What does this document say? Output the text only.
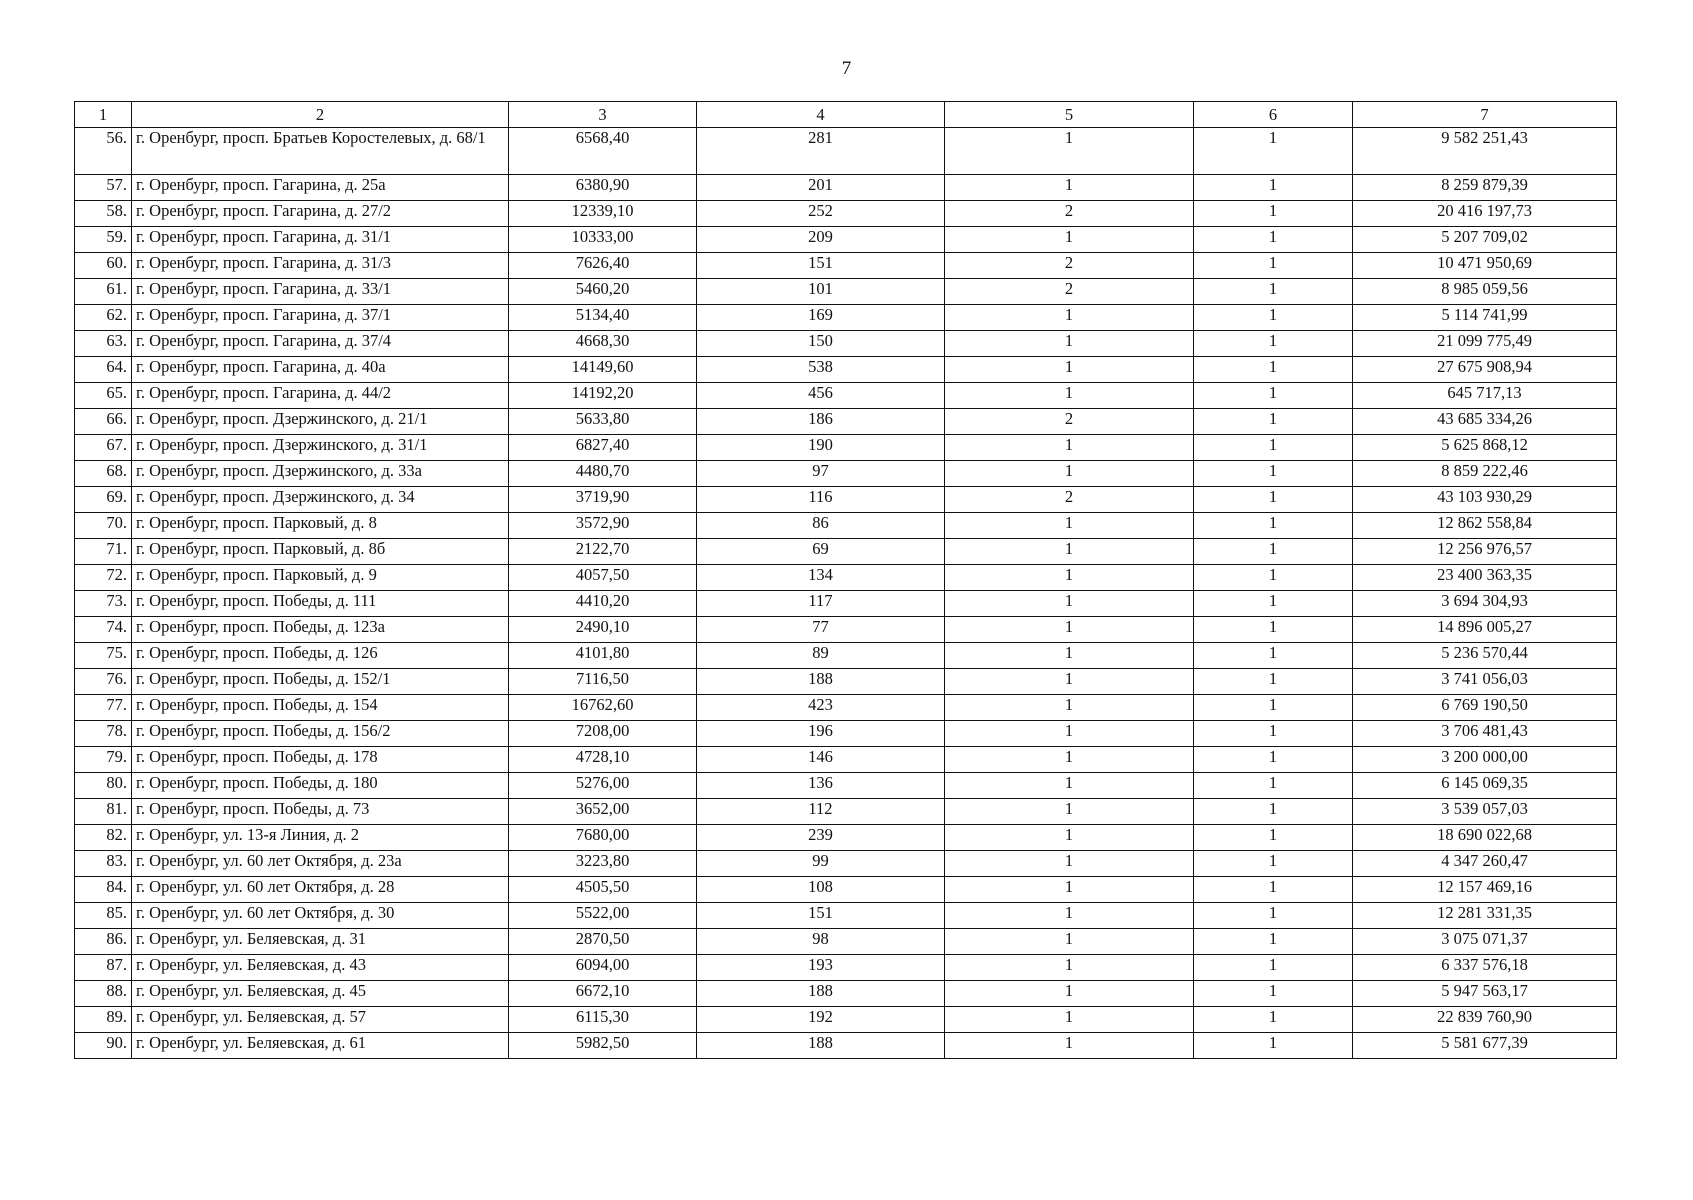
7
1	2	3	4	5	6	7
56.	г. Оренбург, просп. Братьев Коростелевых, д. 68/1	6568,40	281	1	1	9 582 251,43
57.	г. Оренбург, просп. Гагарина, д. 25а	6380,90	201	1	1	8 259 879,39
58.	г. Оренбург, просп. Гагарина, д. 27/2	12339,10	252	2	1	20 416 197,73
59.	г. Оренбург, просп. Гагарина, д. 31/1	10333,00	209	1	1	5 207 709,02
60.	г. Оренбург, просп. Гагарина, д. 31/3	7626,40	151	2	1	10 471 950,69
61.	г. Оренбург, просп. Гагарина, д. 33/1	5460,20	101	2	1	8 985 059,56
62.	г. Оренбург, просп. Гагарина, д. 37/1	5134,40	169	1	1	5 114 741,99
63.	г. Оренбург, просп. Гагарина, д. 37/4	4668,30	150	1	1	21 099 775,49
64.	г. Оренбург, просп. Гагарина, д. 40а	14149,60	538	1	1	27 675 908,94
65.	г. Оренбург, просп. Гагарина, д. 44/2	14192,20	456	1	1	645 717,13
66.	г. Оренбург, просп. Дзержинского, д. 21/1	5633,80	186	2	1	43 685 334,26
67.	г. Оренбург, просп. Дзержинского, д. 31/1	6827,40	190	1	1	5 625 868,12
68.	г. Оренбург, просп. Дзержинского, д. 33а	4480,70	97	1	1	8 859 222,46
69.	г. Оренбург, просп. Дзержинского, д. 34	3719,90	116	2	1	43 103 930,29
70.	г. Оренбург, просп. Парковый, д. 8	3572,90	86	1	1	12 862 558,84
71.	г. Оренбург, просп. Парковый, д. 8б	2122,70	69	1	1	12 256 976,57
72.	г. Оренбург, просп. Парковый, д. 9	4057,50	134	1	1	23 400 363,35
73.	г. Оренбург, просп. Победы, д. 111	4410,20	117	1	1	3 694 304,93
74.	г. Оренбург, просп. Победы, д. 123а	2490,10	77	1	1	14 896 005,27
75.	г. Оренбург, просп. Победы, д. 126	4101,80	89	1	1	5 236 570,44
76.	г. Оренбург, просп. Победы, д. 152/1	7116,50	188	1	1	3 741 056,03
77.	г. Оренбург, просп. Победы, д. 154	16762,60	423	1	1	6 769 190,50
78.	г. Оренбург, просп. Победы, д. 156/2	7208,00	196	1	1	3 706 481,43
79.	г. Оренбург, просп. Победы, д. 178	4728,10	146	1	1	3 200 000,00
80.	г. Оренбург, просп. Победы, д. 180	5276,00	136	1	1	6 145 069,35
81.	г. Оренбург, просп. Победы, д. 73	3652,00	112	1	1	3 539 057,03
82.	г. Оренбург, ул. 13-я Линия, д. 2	7680,00	239	1	1	18 690 022,68
83.	г. Оренбург, ул. 60 лет Октября, д. 23а	3223,80	99	1	1	4 347 260,47
84.	г. Оренбург, ул. 60 лет Октября, д. 28	4505,50	108	1	1	12 157 469,16
85.	г. Оренбург, ул. 60 лет Октября, д. 30	5522,00	151	1	1	12 281 331,35
86.	г. Оренбург, ул. Беляевская, д. 31	2870,50	98	1	1	3 075 071,37
87.	г. Оренбург, ул. Беляевская, д. 43	6094,00	193	1	1	6 337 576,18
88.	г. Оренбург, ул. Беляевская, д. 45	6672,10	188	1	1	5 947 563,17
89.	г. Оренбург, ул. Беляевская, д. 57	6115,30	192	1	1	22 839 760,90
90.	г. Оренбург, ул. Беляевская, д. 61	5982,50	188	1	1	5 581 677,39
